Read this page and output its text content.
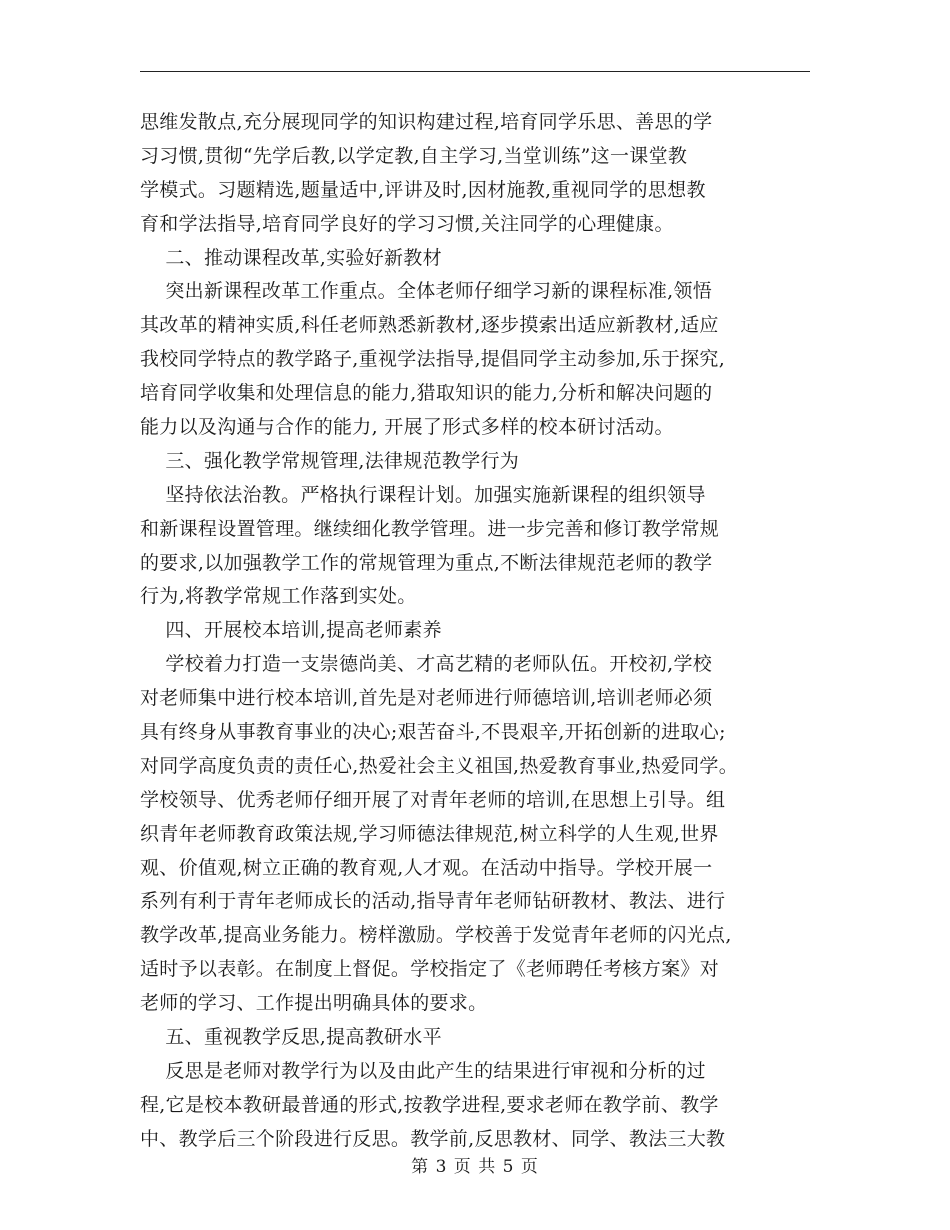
思维发散点,充分展现同学的知识构建过程,培育同学乐思、善思的学
习习惯,贯彻“先学后教,以学定教,自主学习,当堂训练”这一课堂教
学模式。习题精选,题量适中,评讲及时,因材施教,重视同学的思想教
育和学法指导,培育同学良好的学习习惯,关注同学的心理健康。
二、推动课程改革,实验好新教材
突出新课程改革工作重点。全体老师仔细学习新的课程标准,领悟
其改革的精神实质,科任老师熟悉新教材,逐步摸索出适应新教材,适应
我校同学特点的教学路子,重视学法指导,提倡同学主动参加,乐于探究,
培育同学收集和处理信息的能力,猎取知识的能力,分析和解决问题的
能力以及沟通与合作的能力, 开展了形式多样的校本研讨活动。
三、强化教学常规管理,法律规范教学行为
坚持依法治教。严格执行课程计划。加强实施新课程的组织领导
和新课程设置管理。继续细化教学管理。进一步完善和修订教学常规
的要求,以加强教学工作的常规管理为重点,不断法律规范老师的教学
行为,将教学常规工作落到实处。
四、开展校本培训,提高老师素养
学校着力打造一支崇德尚美、才高艺精的老师队伍。开校初,学校
对老师集中进行校本培训,首先是对老师进行师德培训,培训老师必须
具有终身从事教育事业的决心;艰苦奋斗,不畏艰辛,开拓创新的进取心;
对同学高度负责的责任心,热爱社会主义祖国,热爱教育事业,热爱同学。
学校领导、优秀老师仔细开展了对青年老师的培训,在思想上引导。组
织青年老师教育政策法规,学习师德法律规范,树立科学的人生观,世界
观、价值观,树立正确的教育观,人才观。在活动中指导。学校开展一
系列有利于青年老师成长的活动,指导青年老师钻研教材、教法、进行
教学改革,提高业务能力。榜样激励。学校善于发觉青年老师的闪光点,
适时予以表彰。在制度上督促。学校指定了《老师聘任考核方案》对
老师的学习、工作提出明确具体的要求。
五、重视教学反思,提高教研水平
反思是老师对教学行为以及由此产生的结果进行审视和分析的过
程,它是校本教研最普通的形式,按教学进程,要求老师在教学前、教学
中、教学后三个阶段进行反思。教学前,反思教材、同学、教法三大教
第 3 页 共 5 页
